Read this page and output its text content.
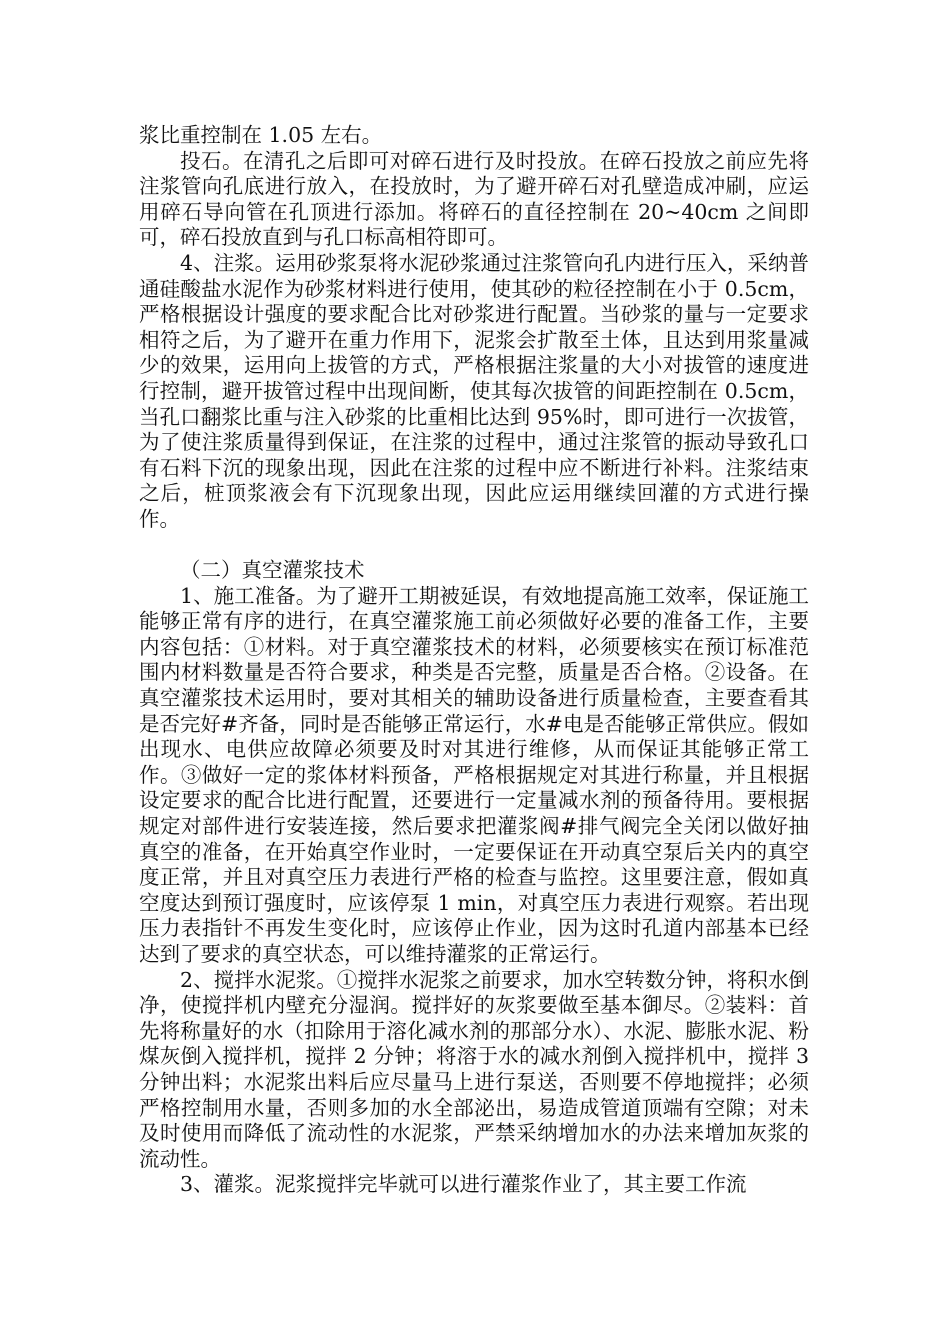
浆比重控制在 1.05 左右。

投石。在清孔之后即可对碎石进行及时投放。在碎石投放之前应先将注浆管向孔底进行放入，在投放时，为了避开碎石对孔壁造成冲刷，应运用碎石导向管在孔顶进行添加。将碎石的直径控制在 20~40cm 之间即可，碎石投放直到与孔口标高相符即可。

4、注浆。运用砂浆泵将水泥砂浆通过注浆管向孔内进行压入，采纳普通硅酸盐水泥作为砂浆材料进行使用，使其砂的粒径控制在小于 0.5cm，严格根据设计强度的要求配合比对砂浆进行配置。当砂浆的量与一定要求相符之后，为了避开在重力作用下，泥浆会扩散至土体，且达到用浆量减少的效果，运用向上拔管的方式，严格根据注浆量的大小对拔管的速度进行控制，避开拔管过程中出现间断，使其每次拔管的间距控制在 0.5cm，当孔口翻浆比重与注入砂浆的比重相比达到 95%时，即可进行一次拔管，为了使注浆质量得到保证，在注浆的过程中，通过注浆管的振动导致孔口有石料下沉的现象出现，因此在注浆的过程中应不断进行补料。注浆结束之后，桩顶浆液会有下沉现象出现，因此应运用继续回灌的方式进行操作。

（二）真空灌浆技术

1、施工准备。为了避开工期被延误，有效地提高施工效率，保证施工能够正常有序的进行，在真空灌浆施工前必须做好必要的准备工作，主要内容包括：①材料。对于真空灌浆技术的材料，必须要核实在预订标准范围内材料数量是否符合要求，种类是否完整，质量是否合格。②设备。在真空灌浆技术运用时，要对其相关的辅助设备进行质量检查，主要查看其是否完好#齐备，同时是否能够正常运行，水#电是否能够正常供应。假如出现水、电供应故障必须要及时对其进行维修，从而保证其能够正常工作。③做好一定的浆体材料预备，严格根据规定对其进行称量，并且根据设定要求的配合比进行配置，还要进行一定量减水剂的预备待用。要根据规定对部件进行安装连接，然后要求把灌浆阀#排气阀完全关闭以做好抽真空的准备，在开始真空作业时，一定要保证在开动真空泵后关内的真空度正常，并且对真空压力表进行严格的检查与监控。这里要注意，假如真空度达到预订强度时，应该停泵 1 min，对真空压力表进行观察。若出现压力表指针不再发生变化时，应该停止作业，因为这时孔道内部基本已经达到了要求的真空状态，可以维持灌浆的正常运行。

2、搅拌水泥浆。①搅拌水泥浆之前要求，加水空转数分钟，将积水倒净，使搅拌机内壁充分湿润。搅拌好的灰浆要做至基本御尽。②装料：首先将称量好的水（扣除用于溶化减水剂的那部分水）、水泥、膨胀水泥、粉煤灰倒入搅拌机，搅拌 2 分钟；将溶于水的减水剂倒入搅拌机中，搅拌 3 分钟出料；水泥浆出料后应尽量马上进行泵送，否则要不停地搅拌；必须严格控制用水量，否则多加的水全部泌出，易造成管道顶端有空隙；对未及时使用而降低了流动性的水泥浆，严禁采纳增加水的办法来增加灰浆的流动性。

3、灌浆。泥浆搅拌完毕就可以进行灌浆作业了，其主要工作流
